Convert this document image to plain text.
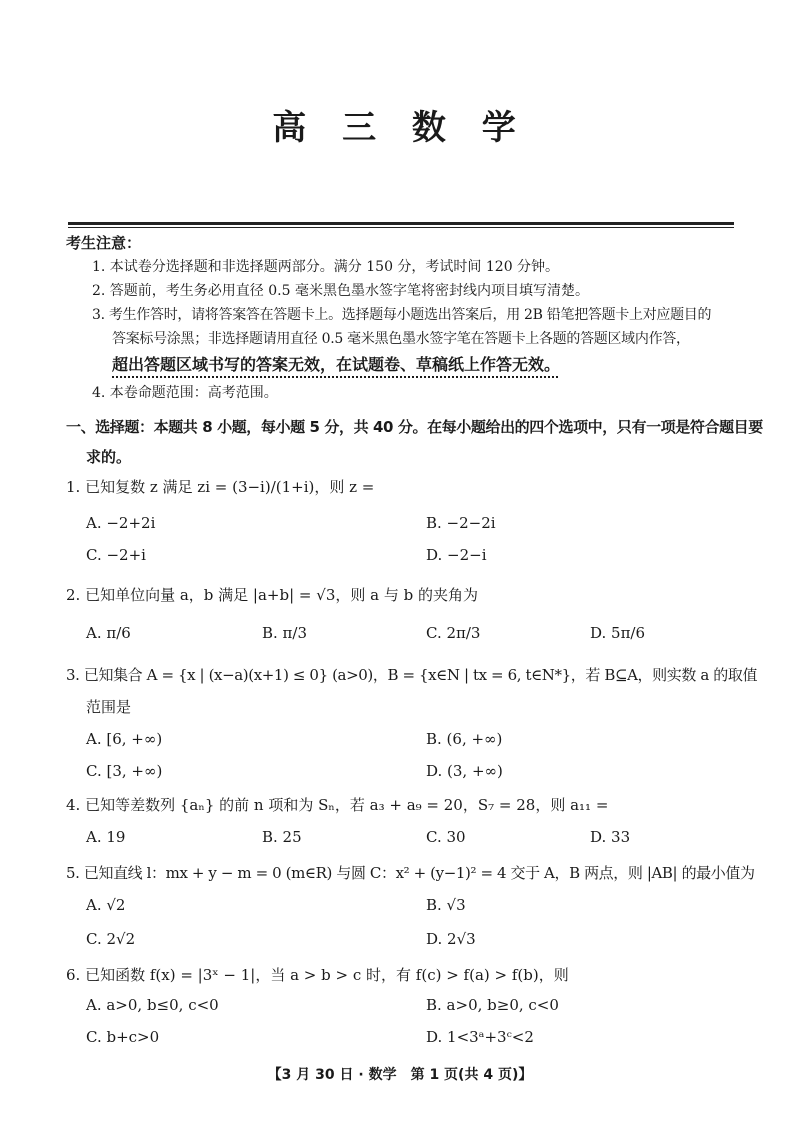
高 三 数 学
考生注意：
1. 本试卷分选择题和非选择题两部分。满分 150 分，考试时间 120 分钟。
2. 答题前，考生务必用直径 0.5 毫米黑色墨水签字笔将密封线内项目填写清楚。
3. 考生作答时，请将答案答在答题卡上。选择题每小题选出答案后，用 2B 铅笔把答题卡上对应题目的
答案标号涂黑；非选择题请用直径 0.5 毫米黑色墨水签字笔在答题卡上各题的答题区域内作答，
超出答题区域书写的答案无效，在试题卷、草稿纸上作答无效。
4. 本卷命题范围：高考范围。
一、选择题：本题共 8 小题，每小题 5 分，共 40 分。在每小题给出的四个选项中，只有一项是符合题目要
求的。
1. 已知复数 z 满足 zi = (3−i)/(1+i)，则 z =
A. −2+2i	B. −2−2i
C. −2+i	D. −2−i
2. 已知单位向量 a，b 满足 |a+b| = √3，则 a 与 b 的夹角为
A. π/6	B. π/3	C. 2π/3	D. 5π/6
3. 已知集合 A = {x | (x−a)(x+1) ≤ 0} (a>0)，B = {x∈N | tx = 6, t∈N*}，若 B⊆A，则实数 a 的取值
范围是
A. [6, +∞)	B. (6, +∞)
C. [3, +∞)	D. (3, +∞)
4. 已知等差数列 {aₙ} 的前 n 项和为 Sₙ，若 a₃ + a₉ = 20，S₇ = 28，则 a₁₁ =
A. 19	B. 25	C. 30	D. 33
5. 已知直线 l：mx + y − m = 0 (m∈R) 与圆 C：x² + (y−1)² = 4 交于 A，B 两点，则 |AB| 的最小值为
A. √2	B. √3
C. 2√2	D. 2√3
6. 已知函数 f(x) = |3ˣ − 1|，当 a > b > c 时，有 f(c) > f(a) > f(b)，则
A. a>0, b≤0, c<0	B. a>0, b≥0, c<0
C. b+c>0	D. 1<3ᵃ+3ᶜ<2
【3 月 30 日 · 数学　第 1 页(共 4 页)】
